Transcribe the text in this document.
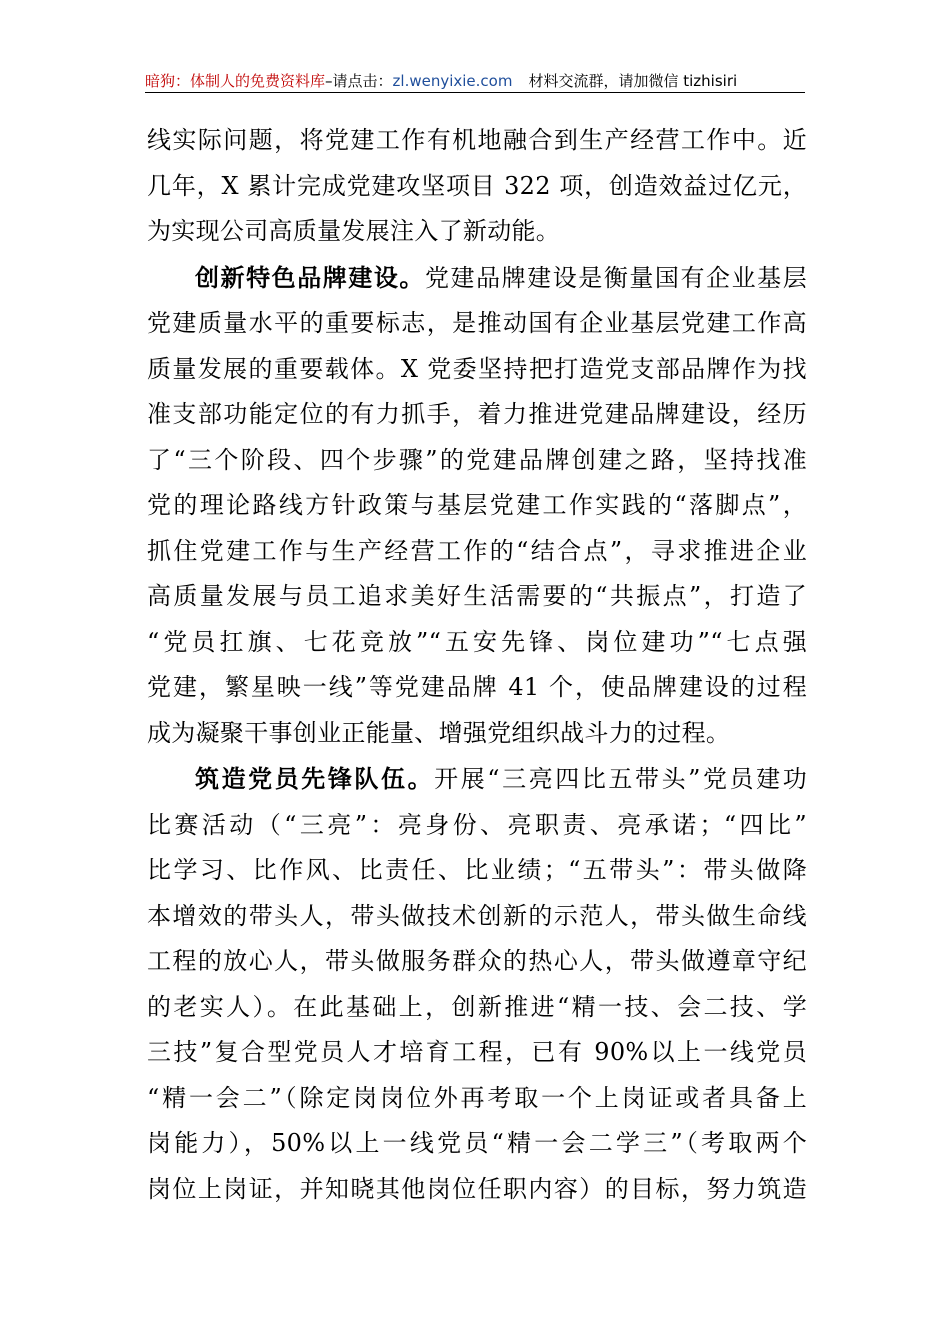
暗狗：体制人的免费资料库–请点击：zl.wenyixie.com 材料交流群，请加微信 tizhisiri

线实际问题，将党建工作有机地融合到生产经营工作中。近
几年，X 累计完成党建攻坚项目 322 项，创造效益过亿元，
为实现公司高质量发展注入了新动能。

创新特色品牌建设。党建品牌建设是衡量国有企业基层
党建质量水平的重要标志，是推动国有企业基层党建工作高
质量发展的重要载体。X 党委坚持把打造党支部品牌作为找
准支部功能定位的有力抓手，着力推进党建品牌建设，经历
了“三个阶段、四个步骤”的党建品牌创建之路，坚持找准
党的理论路线方针政策与基层党建工作实践的“落脚点”，
抓住党建工作与生产经营工作的“结合点”，寻求推进企业
高质量发展与员工追求美好生活需要的“共振点”，打造了
“党员扛旗、七花竞放”“五安先锋、岗位建功”“七点强
党建，繁星映一线”等党建品牌 41 个，使品牌建设的过程
成为凝聚干事创业正能量、增强党组织战斗力的过程。

筑造党员先锋队伍。开展“三亮四比五带头”党员建功
比赛活动（“三亮”：亮身份、亮职责、亮承诺；“四比”
比学习、比作风、比责任、比业绩；“五带头”：带头做降
本增效的带头人，带头做技术创新的示范人，带头做生命线
工程的放心人，带头做服务群众的热心人，带头做遵章守纪
的老实人）。在此基础上，创新推进“精一技、会二技、学
三技”复合型党员人才培育工程，已有 90%以上一线党员
“精一会二”（除定岗岗位外再考取一个上岗证或者具备上
岗能力），50%以上一线党员“精一会二学三”（考取两个
岗位上岗证，并知晓其他岗位任职内容）的目标，努力筑造
